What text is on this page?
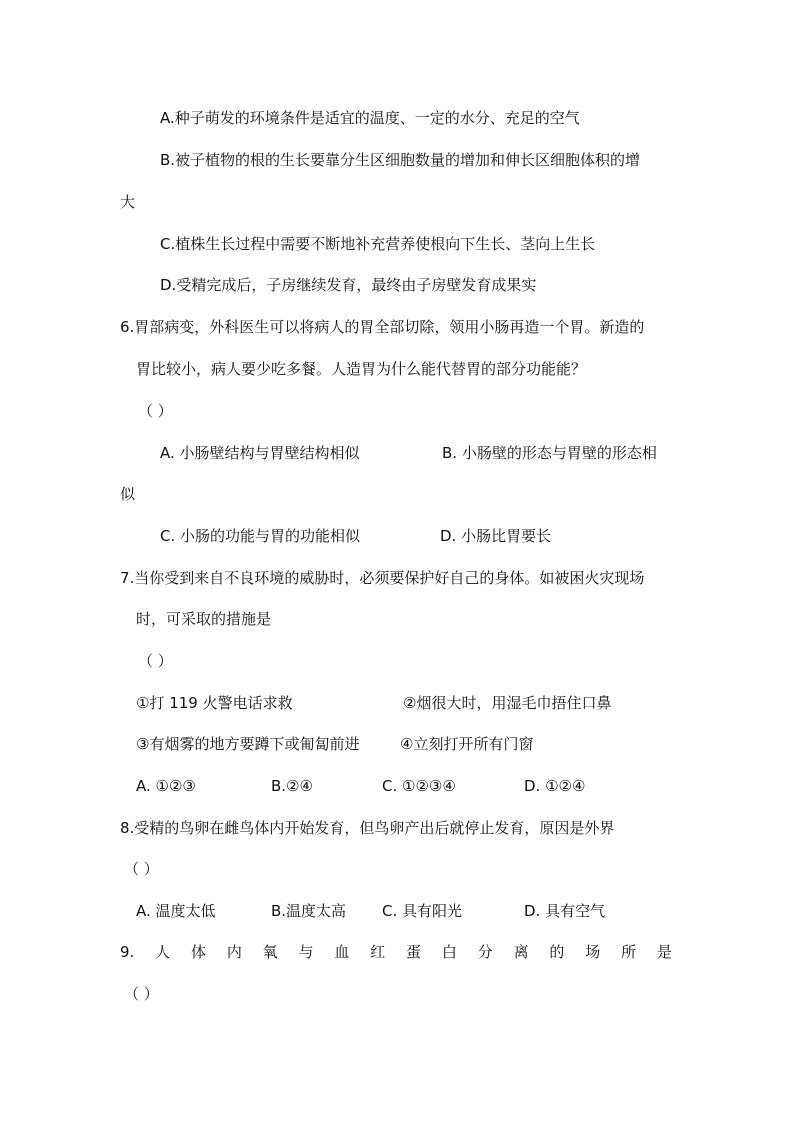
A.种子萌发的环境条件是适宜的温度、一定的水分、充足的空气

B.被子植物的根的生长要靠分生区细胞数量的增加和伸长区细胞体积的增

大

C.植株生长过程中需要不断地补充营养使根向下生长、茎向上生长

D.受精完成后，子房继续发育，最终由子房壁发育成果实

6.胃部病变，外科医生可以将病人的胃全部切除，领用小肠再造一个胃。新造的

胃比较小，病人要少吃多餐。人造胃为什么能代替胃的部分功能能？

（ ）

A. 小肠壁结构与胃壁结构相似	B. 小肠壁的形态与胃壁的形态相

似

C. 小肠的功能与胃的功能相似	D. 小肠比胃要长

7.当你受到来自不良环境的威胁时，必须要保护好自己的身体。如被困火灾现场

时，可采取的措施是

（ ）

①打 119 火警电话求救	②烟很大时，用湿毛巾捂住口鼻

③有烟雾的地方要蹲下或匍匐前进	④立刻打开所有门窗

A. ①②③	B.②④	C. ①②③④	D. ①②④

8.受精的鸟卵在雌鸟体内开始发育，但鸟卵产出后就停止发育，原因是外界

（ ）

A. 温度太低	B.温度太高 C. 具有阳光	D. 具有空气

9. 人 体 内 氧 与 血 红 蛋 白 分 离 的 场 所 是

（ ）
